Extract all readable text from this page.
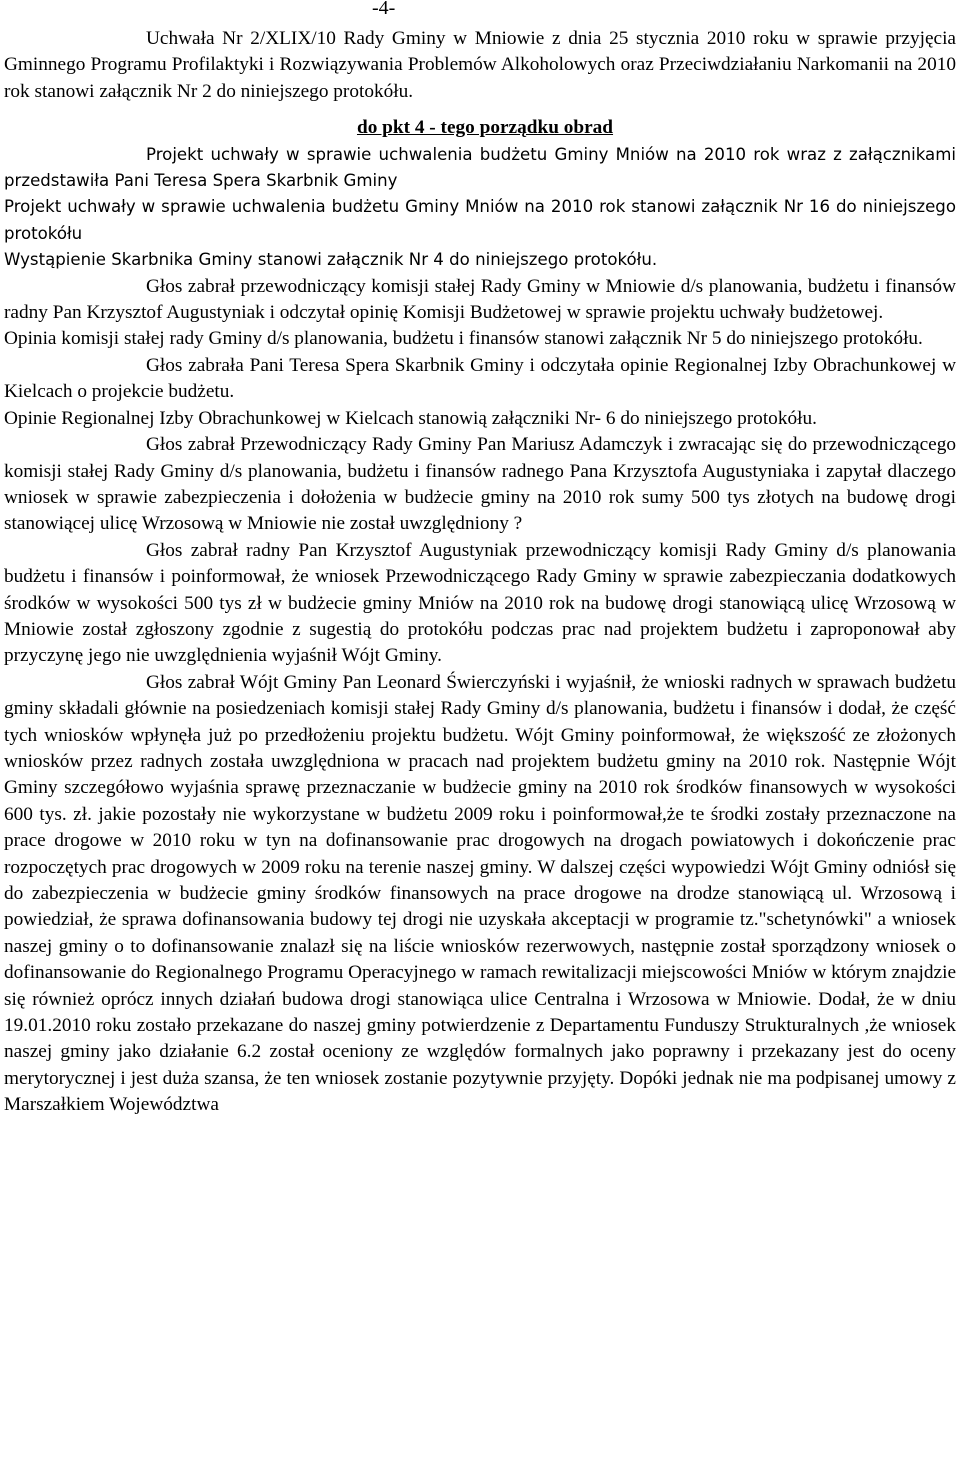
-4-

Uchwała Nr 2/XLIX/10 Rady Gminy w Mniowie z dnia 25 stycznia 2010 roku w sprawie przyjęcia Gminnego Programu Profilaktyki i Rozwiązywania Problemów Alkoholowych oraz Przeciwdziałaniu Narkomanii na 2010 rok stanowi załącznik Nr 2 do niniejszego protokółu.

do pkt 4 - tego porządku obrad

Projekt uchwały w sprawie uchwalenia budżetu Gminy Mniów na 2010 rok wraz z załącznikami przedstawiła Pani Teresa Spera Skarbnik Gminy

Projekt uchwały w sprawie uchwalenia budżetu Gminy Mniów na 2010 rok stanowi załącznik Nr 16 do niniejszego protokółu

Wystąpienie Skarbnika Gminy stanowi załącznik Nr 4 do niniejszego protokółu.

Głos zabrał przewodniczący komisji stałej Rady Gminy w Mniowie d/s planowania, budżetu i finansów radny Pan Krzysztof Augustyniak i odczytał opinię Komisji Budżetowej w sprawie projektu uchwały budżetowej.

Opinia komisji stałej rady Gminy d/s planowania, budżetu i finansów stanowi załącznik Nr 5 do niniejszego protokółu.

Głos zabrała Pani Teresa Spera Skarbnik Gminy i odczytała opinie Regionalnej Izby Obrachunkowej w Kielcach o projekcie budżetu.

Opinie Regionalnej Izby Obrachunkowej w Kielcach stanowią załączniki Nr- 6 do niniejszego protokółu.

Głos zabrał Przewodniczący Rady Gminy Pan Mariusz Adamczyk i zwracając się do przewodniczącego komisji stałej Rady Gminy d/s planowania, budżetu i finansów radnego Pana Krzysztofa Augustyniaka i zapytał dlaczego wniosek w sprawie zabezpieczenia i dołożenia w budżecie gminy na 2010 rok sumy 500 tys złotych na budowę drogi stanowiącej ulicę Wrzosową w Mniowie nie został uwzględniony ?

Głos zabrał radny Pan Krzysztof Augustyniak przewodniczący komisji Rady Gminy d/s planowania budżetu i finansów i poinformował, że wniosek Przewodniczącego Rady Gminy w sprawie zabezpieczania dodatkowych środków w wysokości 500 tys zł w budżecie gminy Mniów na 2010 rok na budowę drogi stanowiącą ulicę Wrzosową w Mniowie został zgłoszony zgodnie z sugestią do protokółu podczas prac nad projektem budżetu i zaproponował aby przyczynę jego nie uwzględnienia wyjaśnił Wójt Gminy.

Głos zabrał Wójt Gminy Pan Leonard Świerczyński i wyjaśnił, że wnioski radnych w sprawach budżetu gminy składali głównie na posiedzeniach komisji stałej Rady Gminy d/s planowania, budżetu i finansów i dodał, że część tych wniosków wpłynęła już po przedłożeniu projektu budżetu. Wójt Gminy poinformował, że większość ze złożonych wniosków przez radnych została uwzględniona w pracach nad projektem budżetu gminy na 2010 rok. Następnie Wójt Gminy szczegółowo wyjaśnia sprawę przeznaczanie w budżecie gminy na 2010 rok środków finansowych w wysokości 600 tys. zł. jakie pozostały nie wykorzystane w budżetu 2009 roku i poinformował,że te środki zostały przeznaczone na prace drogowe w 2010 roku w tyn na dofinansowanie prac drogowych na drogach powiatowych i dokończenie prac rozpoczętych prac drogowych w 2009 roku na terenie naszej gminy. W dalszej części wypowiedzi Wójt Gminy odniósł się do zabezpieczenia w budżecie gminy środków finansowych na prace drogowe na drodze stanowiącą ul. Wrzosową i powiedział, że sprawa dofinansowania budowy tej drogi nie uzyskała akceptacji w programie tz."schetynówki" a wniosek naszej gminy o to dofinansowanie znalazł się na liście wniosków rezerwowych, następnie został sporządzony wniosek o dofinansowanie do Regionalnego Programu Operacyjnego w ramach rewitalizacji miejscowości Mniów w którym znajdzie się również oprócz innych działań budowa drogi stanowiąca ulice Centralna i Wrzosowa w Mniowie. Dodał, że w dniu 19.01.2010 roku zostało przekazane do naszej gminy potwierdzenie z Departamentu Funduszy Strukturalnych ,że wniosek naszej gminy jako działanie 6.2 został oceniony ze względów formalnych jako poprawny i przekazany jest do oceny merytorycznej i jest duża szansa, że ten wniosek zostanie pozytywnie przyjęty. Dopóki jednak nie ma podpisanej umowy z Marszałkiem Województwa
